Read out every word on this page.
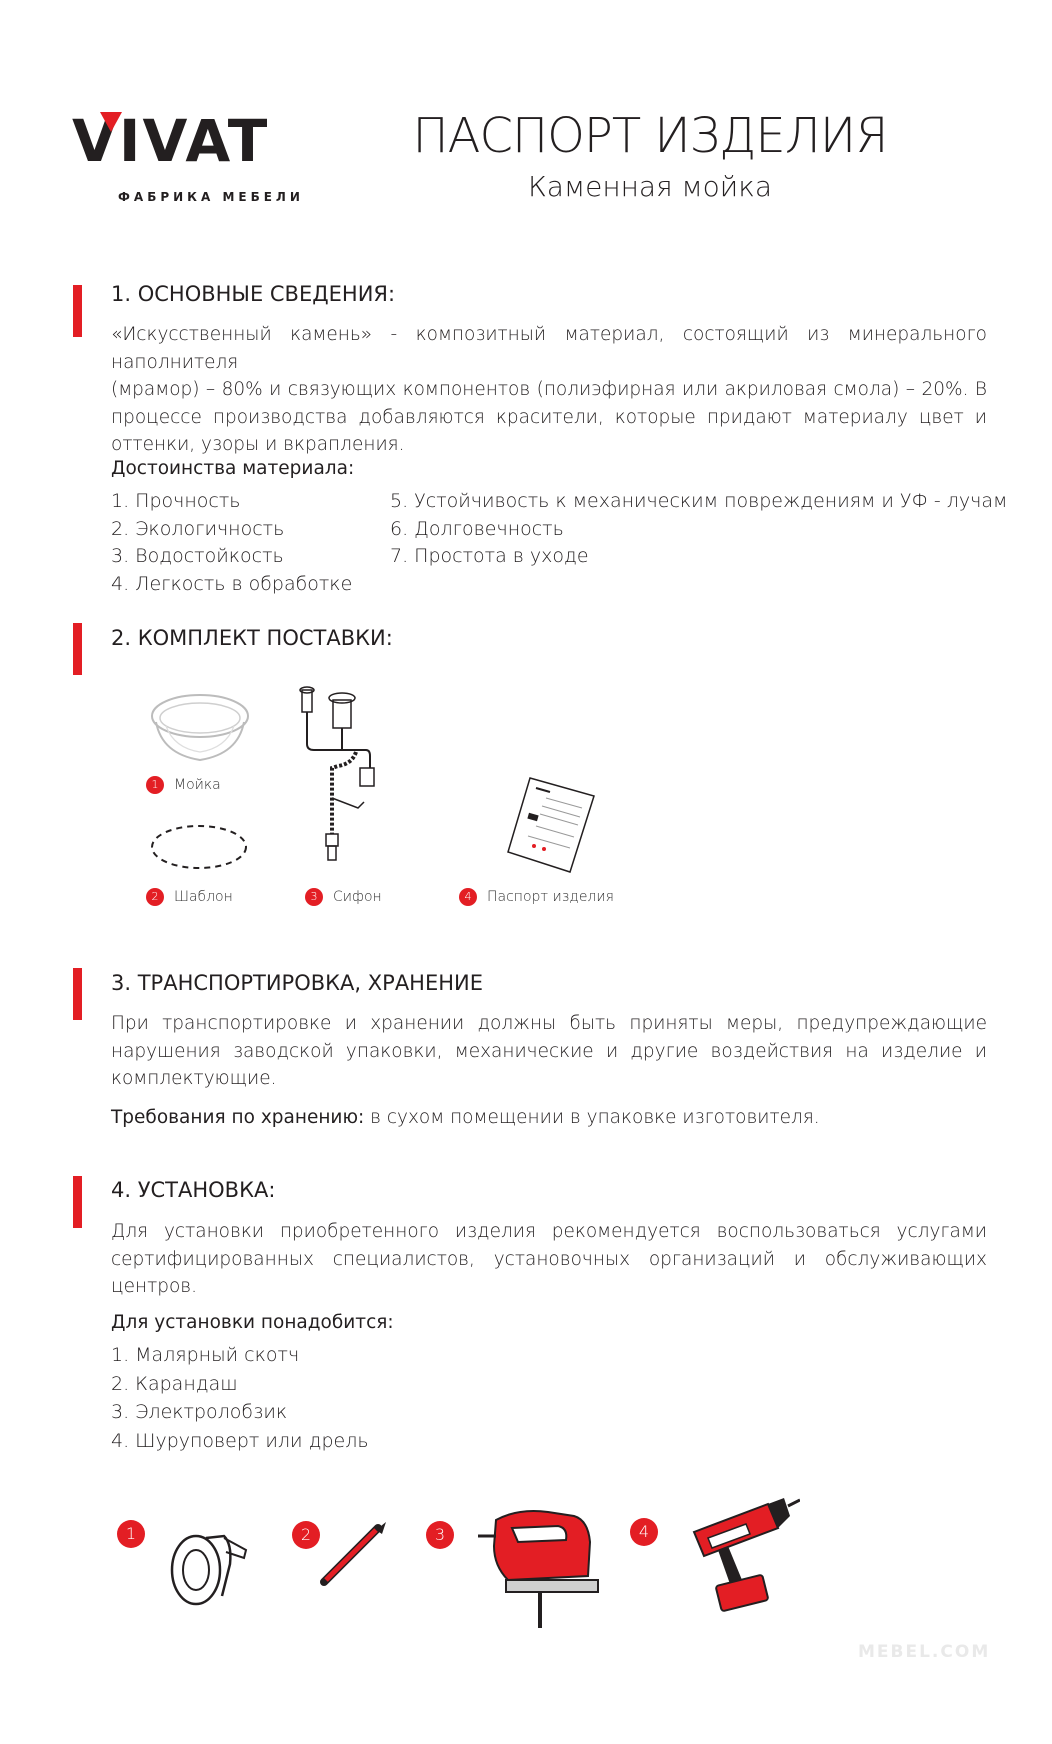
VIVAT
ФАБРИКА МЕБЕЛИ
ПАСПОРТ ИЗДЕЛИЯ
Каменная мойка
1. ОСНОВНЫЕ СВЕДЕНИЯ:
«Искусственный камень» - композитный материал, состоящий из минерального наполнителя
(мрамор) – 80% и связующих компонентов (полиэфирная или акриловая смола) – 20%. В
процессе производства добавляются красители, которые придают материалу цвет и
оттенки, узоры и вкрапления.
Достоинства материала:
1. Прочность
2. Экологичность
3. Водостойкость
4. Легкость в обработке
5. Устойчивость к механическим повреждениям и УФ - лучам
6. Долговечность
7. Простота в уходе
2. КОМПЛЕКТ ПОСТАВКИ:
1 Мойка
2 Шаблон	3 Сифон	4 Паспорт изделия
3. ТРАНСПОРТИРОВКА, ХРАНЕНИЕ
При транспортировке и хранении должны быть приняты меры, предупреждающие
нарушения заводской упаковки, механические и другие воздействия на изделие и
комплектующие.
Требования по хранению: в сухом помещении в упаковке изготовителя.
4. УСТАНОВКА:
Для установки приобретенного изделия рекомендуется воспользоваться услугами
сертифицированных специалистов, установочных организаций и обслуживающих центров.
Для установки понадобится:
1. Малярный скотч
2. Карандаш
3. Электролобзик
4. Шуруповерт или дрель
1	2	3	4
MEBEL.COM
